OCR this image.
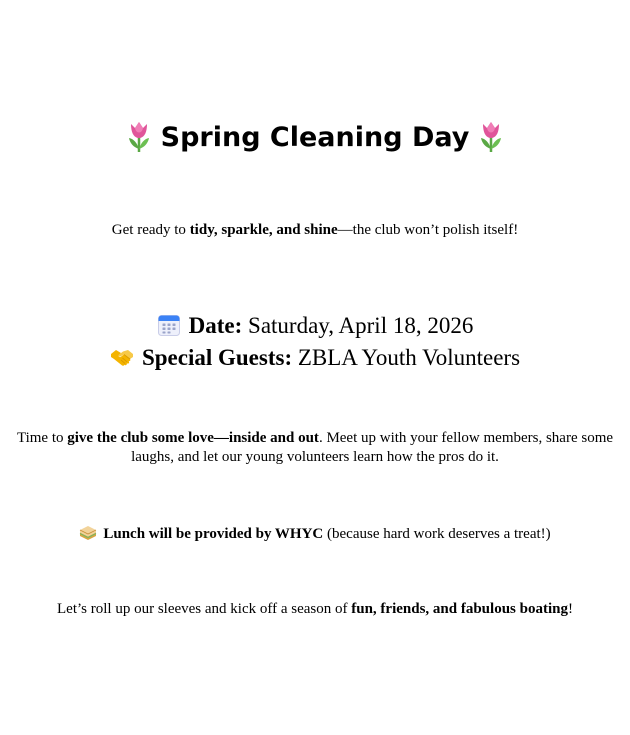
Spring Cleaning Day
Get ready to tidy, sparkle, and shine—the club won’t polish itself!
Date: Saturday, April 18, 2026
Special Guests: ZBLA Youth Volunteers
Time to give the club some love—inside and out. Meet up with your fellow members, share some laughs, and let our young volunteers learn how the pros do it.
Lunch will be provided by WHYC (because hard work deserves a treat!)
Let’s roll up our sleeves and kick off a season of fun, friends, and fabulous boating!
